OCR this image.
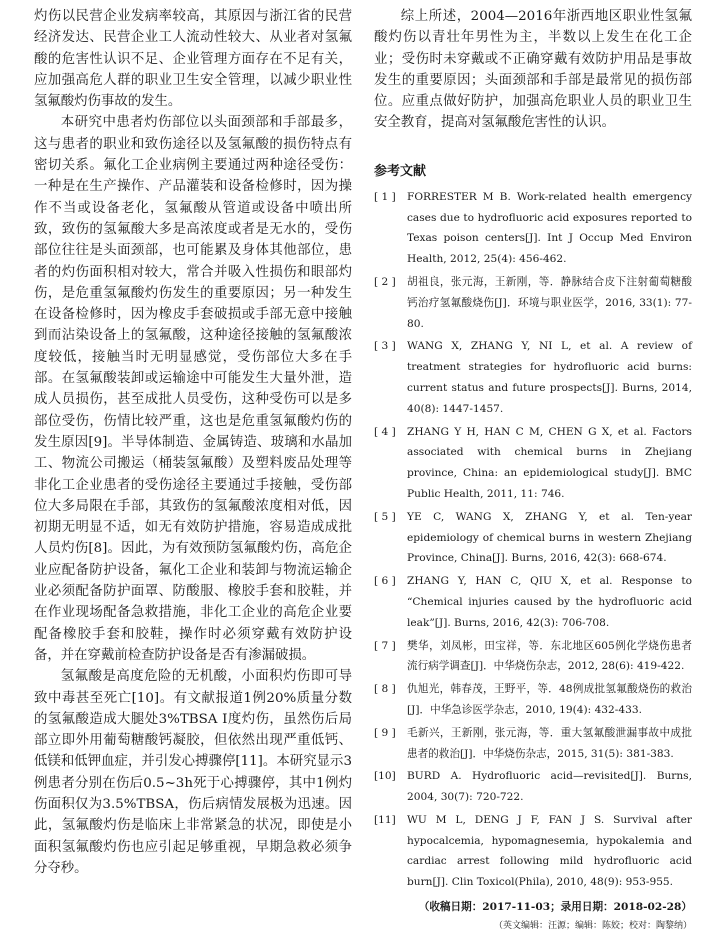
灼伤以民营企业发病率较高，其原因与浙江省的民营经济发达、民营企业工人流动性较大、从业者对氢氟酸的危害性认识不足、企业管理方面存在不足有关，应加强高危人群的职业卫生安全管理，以减少职业性氢氟酸灼伤事故的发生。

本研究中患者灼伤部位以头面颈部和手部最多，这与患者的职业和致伤途径以及氢氟酸的损伤特点有密切关系。氟化工企业病例主要通过两种途径受伤：一种是在生产操作、产品灌装和设备检修时，因为操作不当或设备老化，氢氟酸从管道或设备中喷出所致，致伤的氢氟酸大多是高浓度或者是无水的，受伤部位往往是头面颈部，也可能累及身体其他部位，患者的灼伤面积相对较大，常合并吸入性损伤和眼部灼伤，是危重氢氟酸灼伤发生的重要原因；另一种发生在设备检修时，因为橡皮手套破损或手部无意中接触到而沾染设备上的氢氟酸，这种途径接触的氢氟酸浓度较低，接触当时无明显感觉，受伤部位大多在手部。在氢氟酸装卸或运输途中可能发生大量外泄，造成人员损伤，甚至成批人员受伤，这种受伤可以是多部位受伤，伤情比较严重，这也是危重氢氟酸灼伤的发生原因[9]。半导体制造、金属铸造、玻璃和水晶加工、物流公司搬运（桶装氢氟酸）及塑料废品处理等非化工企业患者的受伤途径主要通过手接触，受伤部位大多局限在手部，其致伤的氢氟酸浓度相对低，因初期无明显不适，如无有效防护措施，容易造成成批人员灼伤[8]。因此，为有效预防氢氟酸灼伤，高危企业应配备防护设备，氟化工企业和装卸与物流运输企业必须配备防护面罩、防酸服、橡胶手套和胶鞋，并在作业现场配备急救措施，非化工企业的高危企业要配备橡胶手套和胶鞋，操作时必须穿戴有效防护设备，并在穿戴前检查防护设备是否有渗漏破损。

氢氟酸是高度危险的无机酸，小面积灼伤即可导致中毒甚至死亡[10]。有文献报道1例20%质量分数的氢氟酸造成大腿处3%TBSA Ⅰ度灼伤，虽然伤后局部立即外用葡萄糖酸钙凝胶，但依然出现严重低钙、低镁和低钾血症，并引发心搏骤停[11]。本研究显示3例患者分别在伤后0.5~3h死于心搏骤停，其中1例灼伤面积仅为3.5%TBSA，伤后病情发展极为迅速。因此，氢氟酸灼伤是临床上非常紧急的状况，即使是小面积氢氟酸灼伤也应引起足够重视，早期急救必须争分夺秒。

综上所述，2004—2016年浙西地区职业性氢氟酸灼伤以青壮年男性为主，半数以上发生在化工企业；受伤时未穿戴或不正确穿戴有效防护用品是事故发生的重要原因；头面颈部和手部是最常见的损伤部位。应重点做好防护，加强高危职业人员的职业卫生安全教育，提高对氢氟酸危害性的认识。

参考文献
[ 1 ] FORRESTER M B. Work-related health emergency cases due to hydrofluoric acid exposures reported to Texas poison centers[J]. Int J Occup Med Environ Health, 2012, 25(4): 456-462.
[ 2 ] 胡祖良，张元海，王新刚，等．静脉结合皮下注射葡萄糖酸钙治疗氢氟酸烧伤[J]．环境与职业医学，2016, 33(1): 77-80.
[ 3 ] WANG X, ZHANG Y, NI L, et al. A review of treatment strategies for hydrofluoric acid burns: current status and future prospects[J]. Burns, 2014, 40(8): 1447-1457.
[ 4 ] ZHANG Y H, HAN C M, CHEN G X, et al. Factors associated with chemical burns in Zhejiang province, China: an epidemiological study[J]. BMC Public Health, 2011, 11: 746.
[ 5 ] YE C, WANG X, ZHANG Y, et al. Ten-year epidemiology of chemical burns in western Zhejiang Province, China[J]. Burns, 2016, 42(3): 668-674.
[ 6 ] ZHANG Y, HAN C, QIU X, et al. Response to “Chemical injuries caused by the hydrofluoric acid leak”[J]. Burns, 2016, 42(3): 706-708.
[ 7 ] 樊华，刘凤彬，田宝祥，等．东北地区605例化学烧伤患者流行病学调查[J]．中华烧伤杂志，2012, 28(6): 419-422.
[ 8 ] 仇旭光，韩春茂，王野平，等．48例成批氢氟酸烧伤的救治[J]．中华急诊医学杂志，2010, 19(4): 432-433.
[ 9 ] 毛新兴，王新刚，张元海，等．重大氢氟酸泄漏事故中成批患者的救治[J]．中华烧伤杂志，2015, 31(5): 381-383.
[10] BURD A. Hydrofluoric acid—revisited[J]. Burns, 2004, 30(7): 720-722.
[11] WU M L, DENG J F, FAN J S. Survival after hypocalcemia, hypomagnesemia, hypokalemia and cardiac arrest following mild hydrofluoric acid burn[J]. Clin Toxicol(Phila), 2010, 48(9): 953-955.
（收稿日期：2017-11-03；录用日期：2018-02-28）
（英文编辑：汪源；编辑：陈姣；校对：陶黎纳）
